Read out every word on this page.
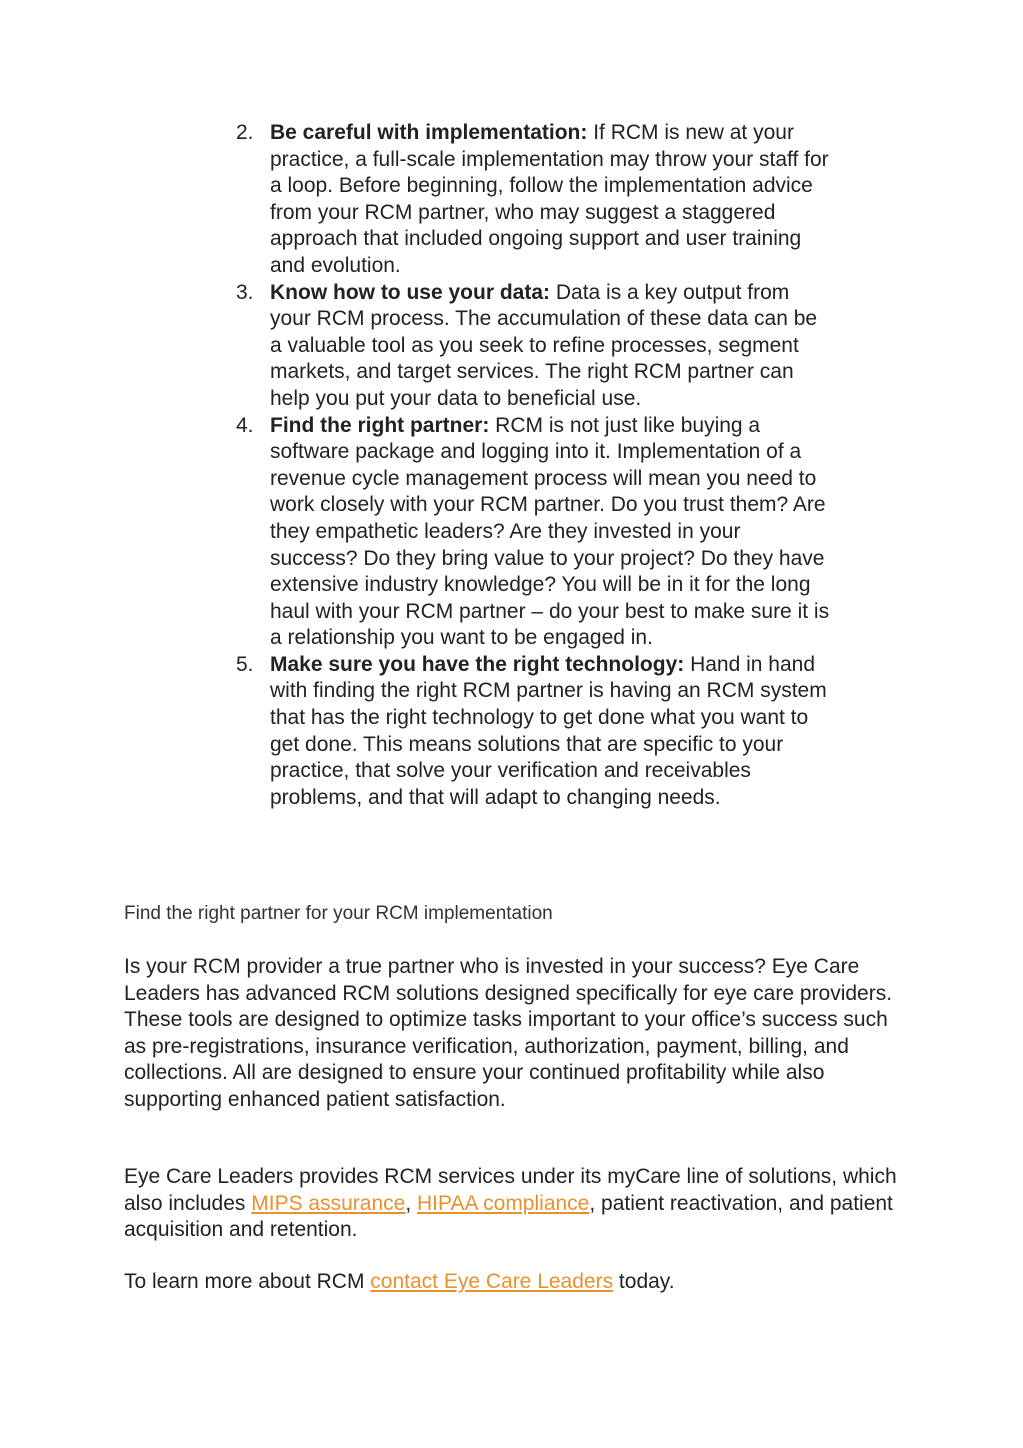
2. Be careful with implementation: If RCM is new at your practice, a full-scale implementation may throw your staff for a loop. Before beginning, follow the implementation advice from your RCM partner, who may suggest a staggered approach that included ongoing support and user training and evolution.
3. Know how to use your data: Data is a key output from your RCM process. The accumulation of these data can be a valuable tool as you seek to refine processes, segment markets, and target services. The right RCM partner can help you put your data to beneficial use.
4. Find the right partner: RCM is not just like buying a software package and logging into it. Implementation of a revenue cycle management process will mean you need to work closely with your RCM partner. Do you trust them? Are they empathetic leaders? Are they invested in your success? Do they bring value to your project? Do they have extensive industry knowledge? You will be in it for the long haul with your RCM partner – do your best to make sure it is a relationship you want to be engaged in.
5. Make sure you have the right technology: Hand in hand with finding the right RCM partner is having an RCM system that has the right technology to get done what you want to get done. This means solutions that are specific to your practice, that solve your verification and receivables problems, and that will adapt to changing needs.

Find the right partner for your RCM implementation

Is your RCM provider a true partner who is invested in your success? Eye Care Leaders has advanced RCM solutions designed specifically for eye care providers. These tools are designed to optimize tasks important to your office’s success such as pre-registrations, insurance verification, authorization, payment, billing, and collections. All are designed to ensure your continued profitability while also supporting enhanced patient satisfaction.

Eye Care Leaders provides RCM services under its myCare line of solutions, which also includes MIPS assurance, HIPAA compliance, patient reactivation, and patient acquisition and retention.

To learn more about RCM contact Eye Care Leaders today.
